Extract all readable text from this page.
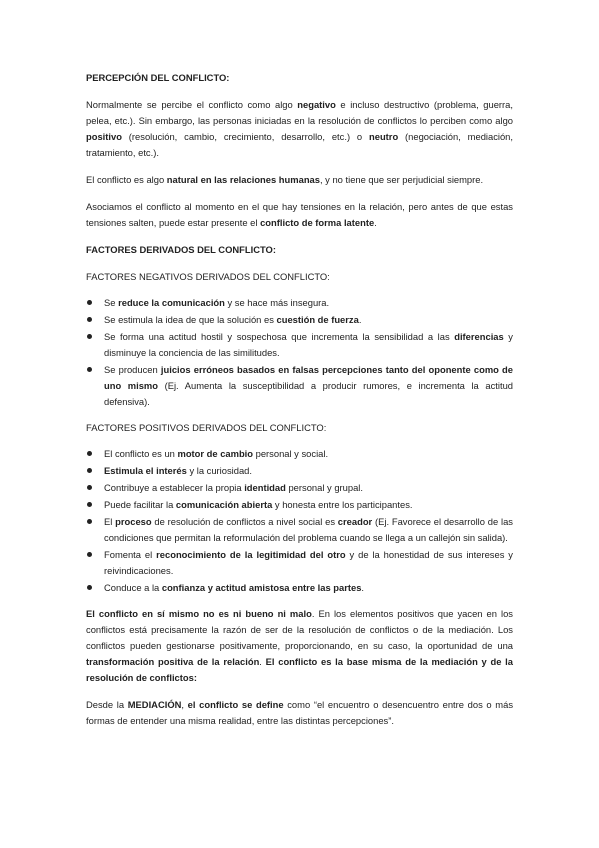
PERCEPCIÓN DEL CONFLICTO:

Normalmente se percibe el conflicto como algo negativo e incluso destructivo (problema, guerra, pelea, etc.). Sin embargo, las personas iniciadas en la resolución de conflictos lo perciben como algo positivo (resolución, cambio, crecimiento, desarrollo, etc.) o neutro (negociación, mediación, tratamiento, etc.).

El conflicto es algo natural en las relaciones humanas, y no tiene que ser perjudicial siempre.

Asociamos el conflicto al momento en el que hay tensiones en la relación, pero antes de que estas tensiones salten, puede estar presente el conflicto de forma latente.

FACTORES DERIVADOS DEL CONFLICTO:
FACTORES NEGATIVOS DERIVADOS DEL CONFLICTO:
Se reduce la comunicación y se hace más insegura.
Se estimula la idea de que la solución es cuestión de fuerza.
Se forma una actitud hostil y sospechosa que incrementa la sensibilidad a las diferencias y disminuye la conciencia de las similitudes.
Se producen juicios erróneos basados en falsas percepciones tanto del oponente como de uno mismo (Ej. Aumenta la susceptibilidad a producir rumores, e incrementa la actitud defensiva).
FACTORES POSITIVOS DERIVADOS DEL CONFLICTO:
El conflicto es un motor de cambio personal y social.
Estimula el interés y la curiosidad.
Contribuye a establecer la propia identidad personal y grupal.
Puede facilitar la comunicación abierta y honesta entre los participantes.
El proceso de resolución de conflictos a nivel social es creador (Ej. Favorece el desarrollo de las condiciones que permitan la reformulación del problema cuando se llega a un callejón sin salida).
Fomenta el reconocimiento de la legitimidad del otro y de la honestidad de sus intereses y reivindicaciones.
Conduce a la confianza y actitud amistosa entre las partes.

El conflicto en sí mismo no es ni bueno ni malo. En los elementos positivos que yacen en los conflictos está precisamente la razón de ser de la resolución de conflictos o de la mediación. Los conflictos pueden gestionarse positivamente, proporcionando, en su caso, la oportunidad de una transformación positiva de la relación. El conflicto es la base misma de la mediación y de la resolución de conflictos:

Desde la MEDIACIÓN, el conflicto se define como “el encuentro o desencuentro entre dos o más formas de entender una misma realidad, entre las distintas percepciones”.
